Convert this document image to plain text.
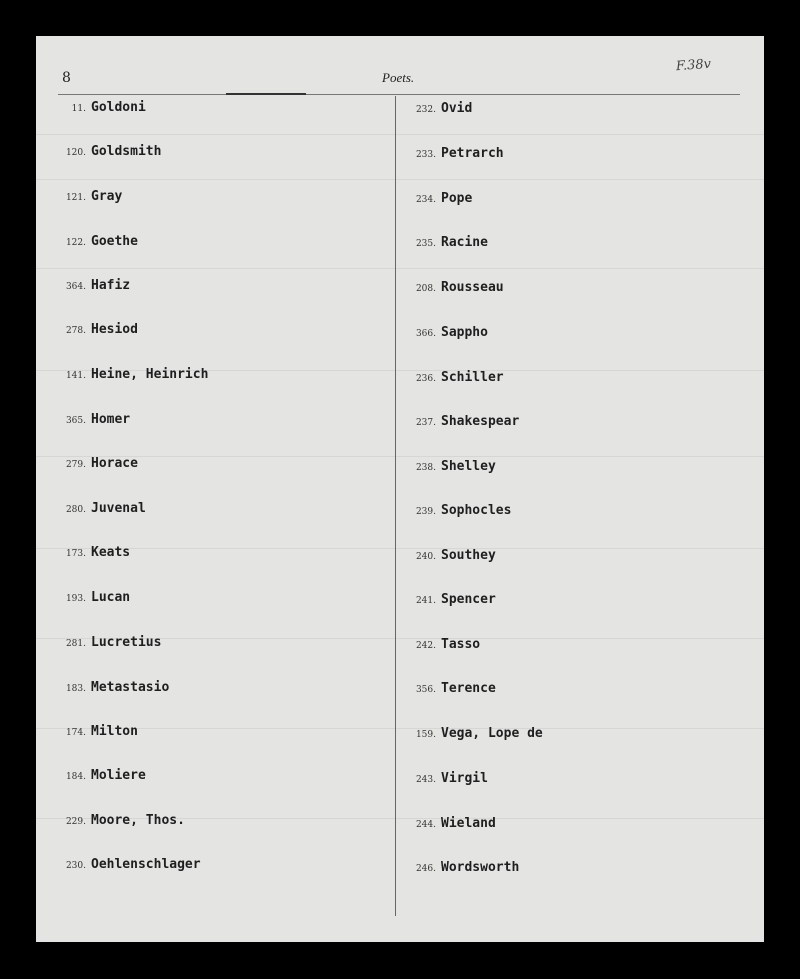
8	Poets.
F.38v
11. Goldoni
120. Goldsmith
121. Gray
122. Goethe
364. Hafiz
278. Hesiod
141. Heine, Heinrich
365. Homer
279. Horace
280. Juvenal
173. Keats
193. Lucan
281. Lucretius
183. Metastasio
174. Milton
184. Moliere
229. Moore, Thos.
230. Oehlenschlager
232. Ovid
233. Petrarch
234. Pope
235. Racine
208. Rousseau
366. Sappho
236. Schiller
237. Shakespear
238. Shelley
239. Sophocles
240. Southey
241. Spencer
242. Tasso
356. Terence
159. Vega, Lope de
243. Virgil
244. Wieland
246. Wordsworth
